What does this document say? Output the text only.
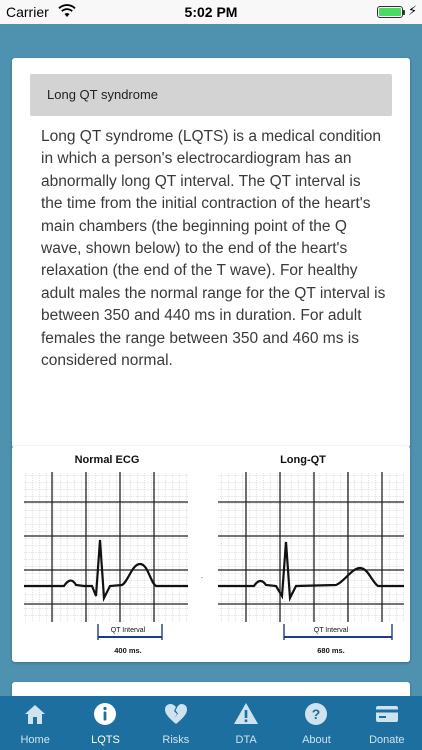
Carrier	5:02 PM	⚡
Long QT syndrome
Long QT syndrome (LQTS) is a medical condition in which a person's electrocardiogram has an abnormally long QT interval. The QT interval is the time from the initial contraction of the heart's main chambers (the beginning point of the Q wave, shown below) to the end of the heart's relaxation (the end of the T wave). For healthy adult males the normal range for the QT interval is between 350 and 440 ms in duration. For adult females the range between 350 and 460 ms is considered normal.
Normal ECG	Long-QT
·
QT Interval	QT Interval
400 ms.	680 ms.
Home	LQTS	Risks	DTA
?
About	Donate
